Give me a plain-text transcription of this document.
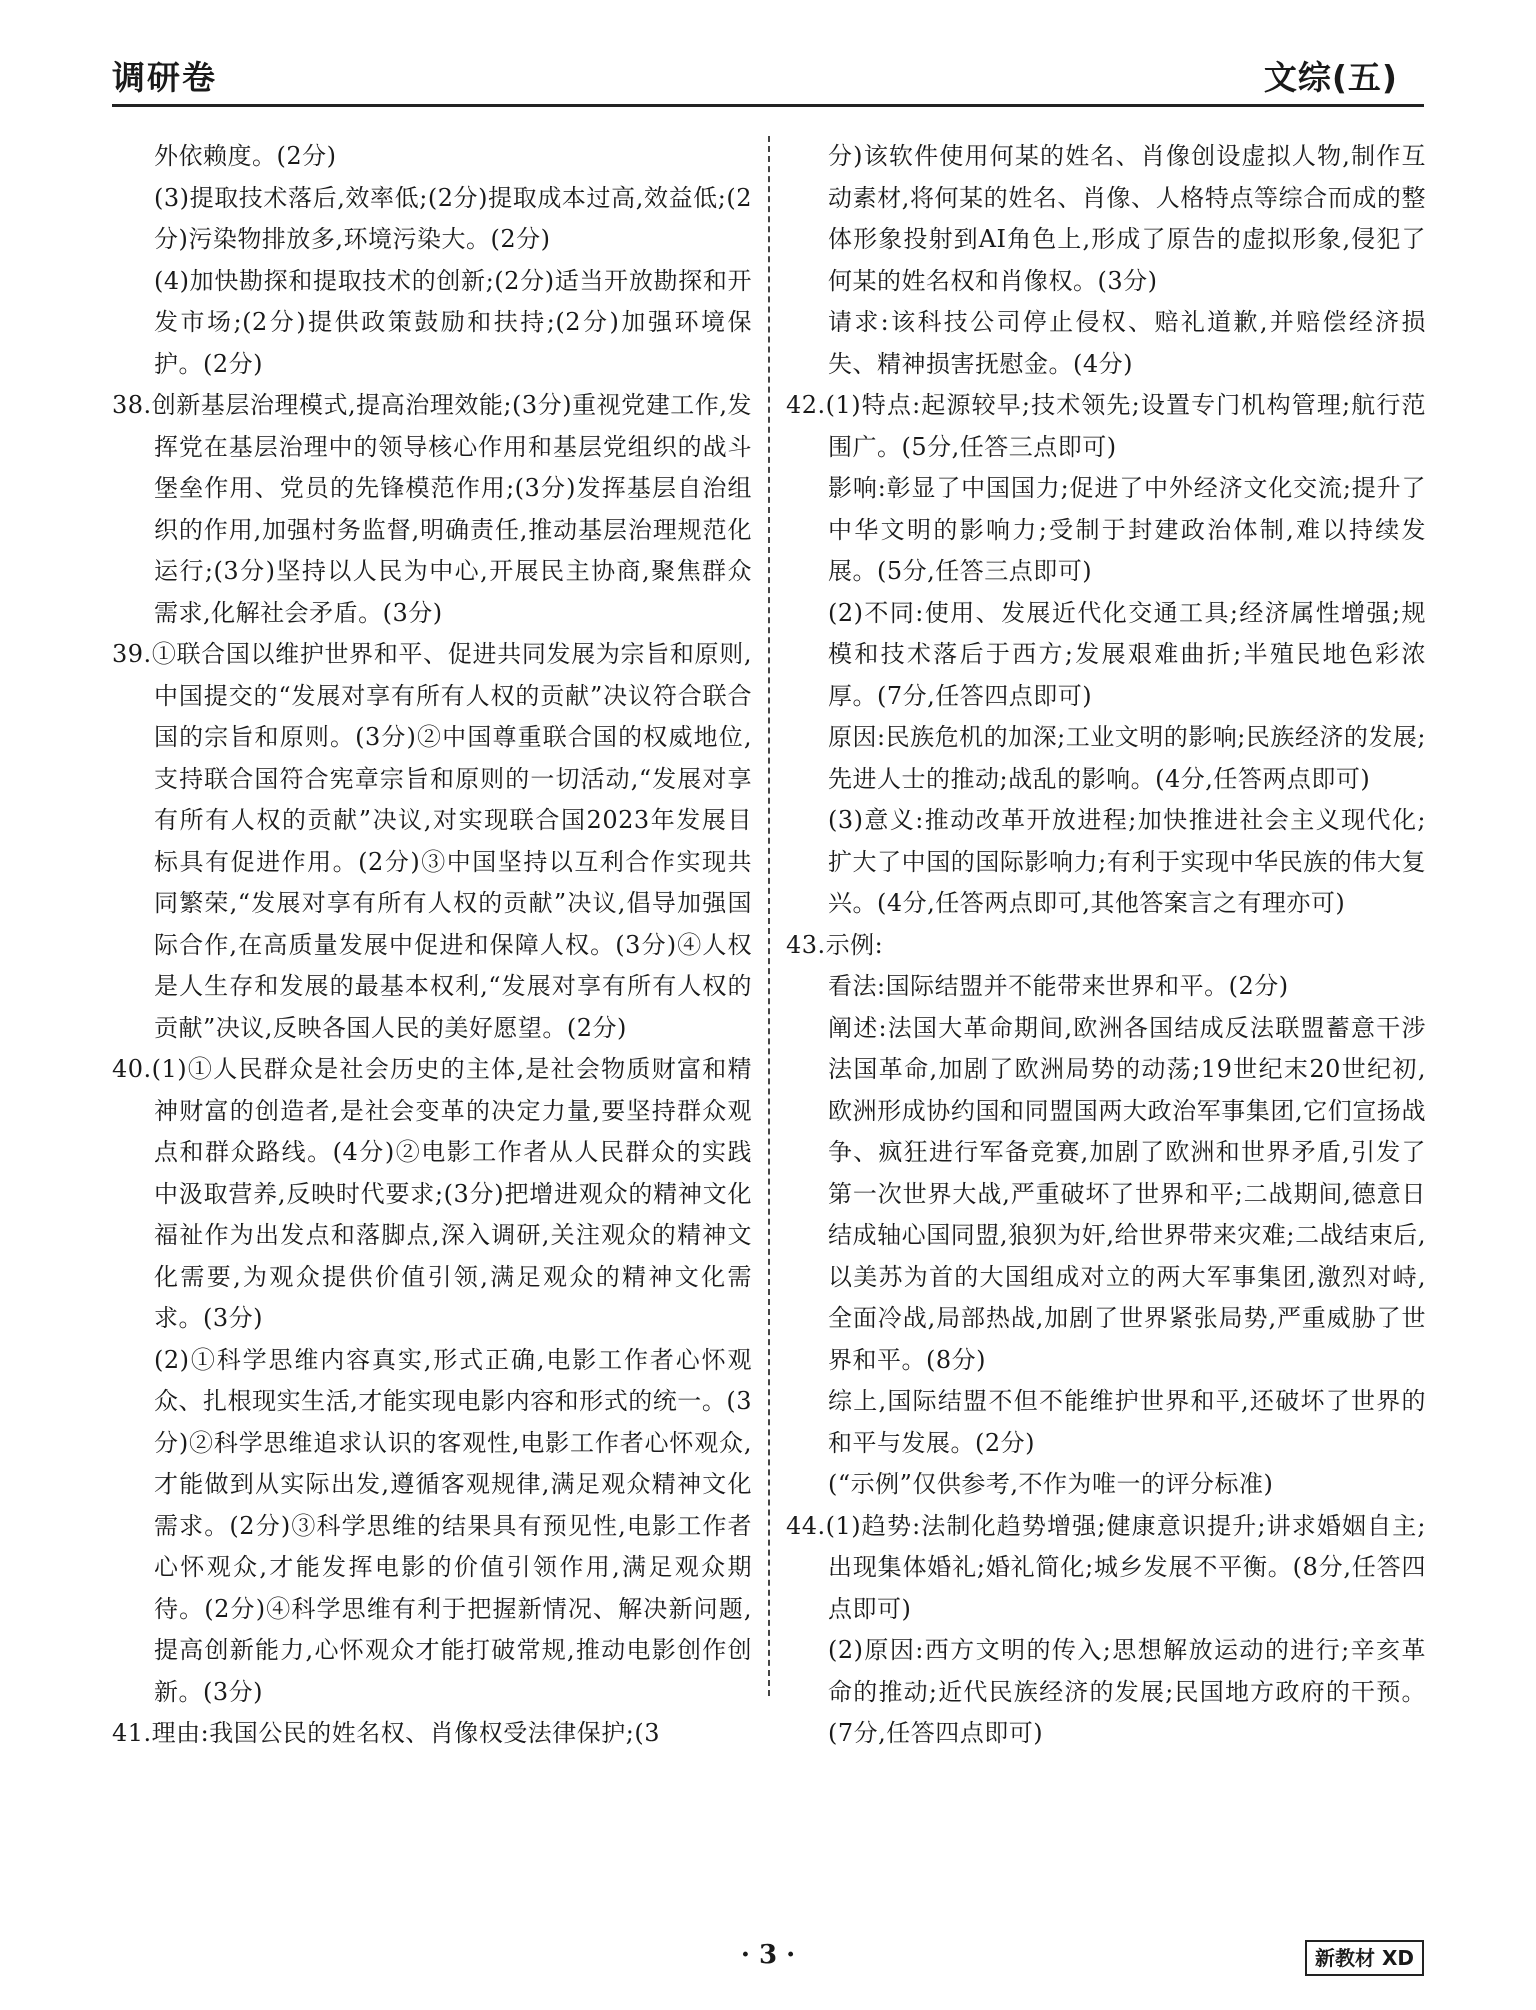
调研卷	文综(五)

外依赖度。(2分)

(3)提取技术落后,效率低;(2分)提取成本过高,效益低;(2分)污染物排放多,环境污染大。(2分)

(4)加快勘探和提取技术的创新;(2分)适当开放勘探和开发市场;(2分)提供政策鼓励和扶持;(2分)加强环境保护。(2分)

38.创新基层治理模式,提高治理效能;(3分)重视党建工作,发挥党在基层治理中的领导核心作用和基层党组织的战斗堡垒作用、党员的先锋模范作用;(3分)发挥基层自治组织的作用,加强村务监督,明确责任,推动基层治理规范化运行;(3分)坚持以人民为中心,开展民主协商,聚焦群众需求,化解社会矛盾。(3分)

39.①联合国以维护世界和平、促进共同发展为宗旨和原则,中国提交的“发展对享有所有人权的贡献”决议符合联合国的宗旨和原则。(3分)②中国尊重联合国的权威地位,支持联合国符合宪章宗旨和原则的一切活动,“发展对享有所有人权的贡献”决议,对实现联合国2023年发展目标具有促进作用。(2分)③中国坚持以互利合作实现共同繁荣,“发展对享有所有人权的贡献”决议,倡导加强国际合作,在高质量发展中促进和保障人权。(3分)④人权是人生存和发展的最基本权利,“发展对享有所有人权的贡献”决议,反映各国人民的美好愿望。(2分)

40.(1)①人民群众是社会历史的主体,是社会物质财富和精神财富的创造者,是社会变革的决定力量,要坚持群众观点和群众路线。(4分)②电影工作者从人民群众的实践中汲取营养,反映时代要求;(3分)把增进观众的精神文化福祉作为出发点和落脚点,深入调研,关注观众的精神文化需要,为观众提供价值引领,满足观众的精神文化需求。(3分)

(2)①科学思维内容真实,形式正确,电影工作者心怀观众、扎根现实生活,才能实现电影内容和形式的统一。(3分)②科学思维追求认识的客观性,电影工作者心怀观众,才能做到从实际出发,遵循客观规律,满足观众精神文化需求。(2分)③科学思维的结果具有预见性,电影工作者心怀观众,才能发挥电影的价值引领作用,满足观众期待。(2分)④科学思维有利于把握新情况、解决新问题,提高创新能力,心怀观众才能打破常规,推动电影创作创新。(3分)

41.理由:我国公民的姓名权、肖像权受法律保护;(3

分)该软件使用何某的姓名、肖像创设虚拟人物,制作互动素材,将何某的姓名、肖像、人格特点等综合而成的整体形象投射到AI角色上,形成了原告的虚拟形象,侵犯了何某的姓名权和肖像权。(3分)

请求:该科技公司停止侵权、赔礼道歉,并赔偿经济损失、精神损害抚慰金。(4分)

42.(1)特点:起源较早;技术领先;设置专门机构管理;航行范围广。(5分,任答三点即可)

影响:彰显了中国国力;促进了中外经济文化交流;提升了中华文明的影响力;受制于封建政治体制,难以持续发展。(5分,任答三点即可)

(2)不同:使用、发展近代化交通工具;经济属性增强;规模和技术落后于西方;发展艰难曲折;半殖民地色彩浓厚。(7分,任答四点即可)

原因:民族危机的加深;工业文明的影响;民族经济的发展;先进人士的推动;战乱的影响。(4分,任答两点即可)

(3)意义:推动改革开放进程;加快推进社会主义现代化;扩大了中国的国际影响力;有利于实现中华民族的伟大复兴。(4分,任答两点即可,其他答案言之有理亦可)

43.示例:

看法:国际结盟并不能带来世界和平。(2分)

阐述:法国大革命期间,欧洲各国结成反法联盟蓄意干涉法国革命,加剧了欧洲局势的动荡;19世纪末20世纪初,欧洲形成协约国和同盟国两大政治军事集团,它们宣扬战争、疯狂进行军备竞赛,加剧了欧洲和世界矛盾,引发了第一次世界大战,严重破坏了世界和平;二战期间,德意日结成轴心国同盟,狼狈为奸,给世界带来灾难;二战结束后,以美苏为首的大国组成对立的两大军事集团,激烈对峙,全面冷战,局部热战,加剧了世界紧张局势,严重威胁了世界和平。(8分)

综上,国际结盟不但不能维护世界和平,还破坏了世界的和平与发展。(2分)

(“示例”仅供参考,不作为唯一的评分标准)

44.(1)趋势:法制化趋势增强;健康意识提升;讲求婚姻自主;出现集体婚礼;婚礼简化;城乡发展不平衡。(8分,任答四点即可)

(2)原因:西方文明的传入;思想解放运动的进行;辛亥革命的推动;近代民族经济的发展;民国地方政府的干预。(7分,任答四点即可)

· 3 ·	新教材 XD
